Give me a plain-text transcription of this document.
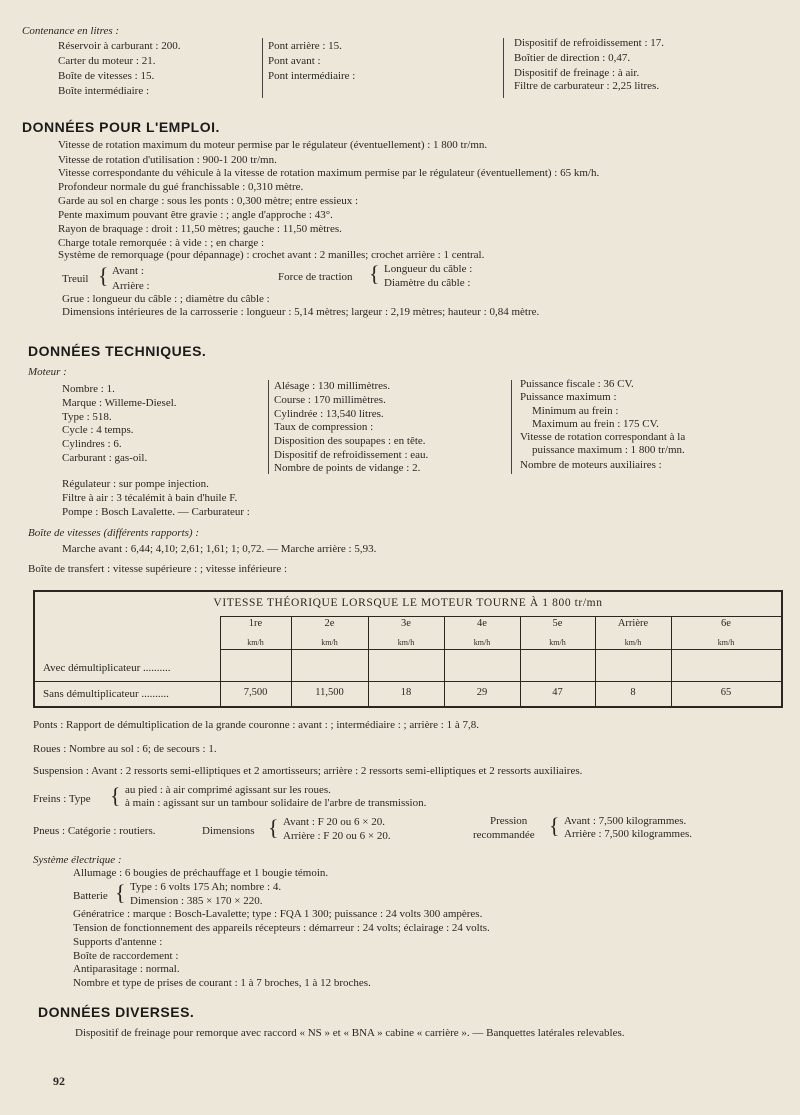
Contenance en litres :
Réservoir à carburant : 200.
Carter du moteur : 21.
Boîte de vitesses : 15.
Boîte intermédiaire :
Pont arrière : 15.
Pont avant :
Pont intermédiaire :
Dispositif de refroidissement : 17.
Boîtier de direction : 0,47.
Dispositif de freinage : à air.
Filtre de carburateur : 2,25 litres.
DONNÉES POUR L'EMPLOI.
Vitesse de rotation maximum du moteur permise par le régulateur (éventuellement) : 1 800 tr/mn.
Vitesse de rotation d'utilisation : 900-1 200 tr/mn.
Vitesse correspondante du véhicule à la vitesse de rotation maximum permise par le régulateur (éventuellement) : 65 km/h.
Profondeur normale du gué franchissable : 0,310 mètre.
Garde au sol en charge : sous les ponts : 0,300 mètre; entre essieux :
Pente maximum pouvant être gravie : ; angle d'approche : 43°.
Rayon de braquage : droit : 11,50 mètres; gauche : 11,50 mètres.
Charge totale remorquée : à vide : ; en charge :
Système de remorquage (pour dépannage) : crochet avant : 2 manilles; crochet arrière : 1 central.
Treuil { Avant :
Arrière :
Force de traction { Longueur du câble :
Diamètre du câble :
Grue : longueur du câble : ; diamètre du câble :
Dimensions intérieures de la carrosserie : longueur : 5,14 mètres; largeur : 2,19 mètres; hauteur : 0,84 mètre.
DONNÉES TECHNIQUES.
Moteur :
Nombre : 1.
Marque : Willeme-Diesel.
Type : 518.
Cycle : 4 temps.
Cylindres : 6.
Carburant : gas-oil.
Alésage : 130 millimètres.
Course : 170 millimètres.
Cylindrée : 13,540 litres.
Taux de compression :
Disposition des soupapes : en tête.
Dispositif de refroidissement : eau.
Nombre de points de vidange : 2.
Puissance fiscale : 36 CV.
Puissance maximum :
Minimum au frein :
Maximum au frein : 175 CV.
Vitesse de rotation correspondant à la
puissance maximum : 1 800 tr/mn.
Nombre de moteurs auxiliaires :
Régulateur : sur pompe injection.
Filtre à air : 3 técalémit à bain d'huile F.
Pompe : Bosch Lavalette. — Carburateur :
Boîte de vitesses (différents rapports) :
Marche avant : 6,44; 4,10; 2,61; 1,61; 1; 0,72. — Marche arrière : 5,93.
Boîte de transfert : vitesse supérieure : ; vitesse inférieure :
VITESSE THÉORIQUE LORSQUE LE MOTEUR TOURNE À 1 800 tr/mn
1re	2e	3e	4e	5e	Arrière	6e
km/h	km/h	km/h	km/h	km/h	km/h	km/h
Avec démultiplicateur ..........
Sans démultiplicateur ..........	7,500	11,500	18	29	47	8	65
Ponts : Rapport de démultiplication de la grande couronne : avant : ; intermédiaire : ; arrière : 1 à 7,8.
Roues : Nombre au sol : 6; de secours : 1.
Suspension : Avant : 2 ressorts semi-elliptiques et 2 amortisseurs; arrière : 2 ressorts semi-elliptiques et 2 ressorts auxiliaires.
Freins : Type { au pied : à air comprimé agissant sur les roues.
à main : agissant sur un tambour solidaire de l'arbre de transmission.
Pneus : Catégorie : routiers.	Dimensions { Avant : F 20 ou 6 × 20.
Arrière : F 20 ou 6 × 20.
Pression
recommandée { Avant : 7,500 kilogrammes.
Arrière : 7,500 kilogrammes.
Système électrique :
Allumage : 6 bougies de préchauffage et 1 bougie témoin.
Batterie { Type : 6 volts 175 Ah; nombre : 4.
Dimension : 385 × 170 × 220.
Génératrice : marque : Bosch-Lavalette; type : FQA 1 300; puissance : 24 volts 300 ampères.
Tension de fonctionnement des appareils récepteurs : démarreur : 24 volts; éclairage : 24 volts.
Supports d'antenne :
Boîte de raccordement :
Antiparasitage : normal.
Nombre et type de prises de courant : 1 à 7 broches, 1 à 12 broches.
DONNÉES DIVERSES.
Dispositif de freinage pour remorque avec raccord « NS » et « BNA » cabine « carrière ». — Banquettes latérales relevables.
92
